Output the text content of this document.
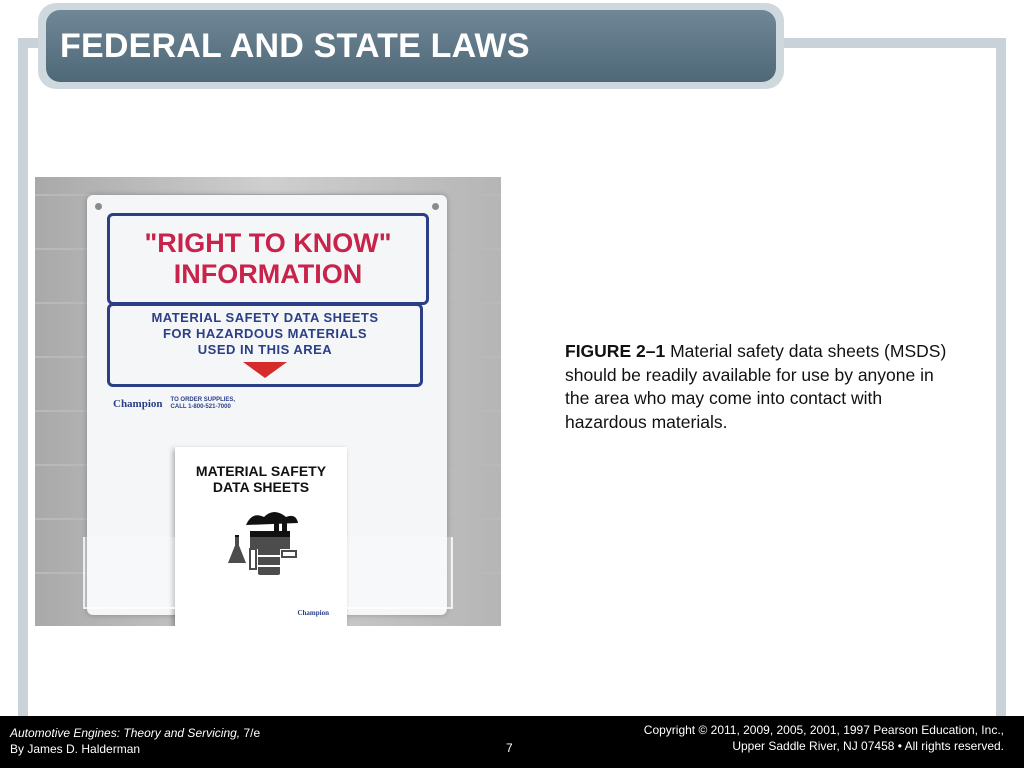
FEDERAL AND STATE LAWS
"RIGHT TO KNOW"
INFORMATION
MATERIAL SAFETY DATA SHEETS
FOR HAZARDOUS MATERIALS
USED IN THIS AREA
Champion TO ORDER SUPPLIES,
CALL 1-800-521-7000
MATERIAL SAFETY
DATA SHEETS
Champion
FIGURE 2–1 Material safety data sheets (MSDS) should be readily available for use by anyone in the area who may come into contact with hazardous materials.
Automotive Engines: Theory and Servicing, 7/e
By James D. Halderman	7
Copyright © 2011, 2009, 2005, 2001, 1997 Pearson Education, Inc.,
Upper Saddle River, NJ 07458 • All rights reserved.
